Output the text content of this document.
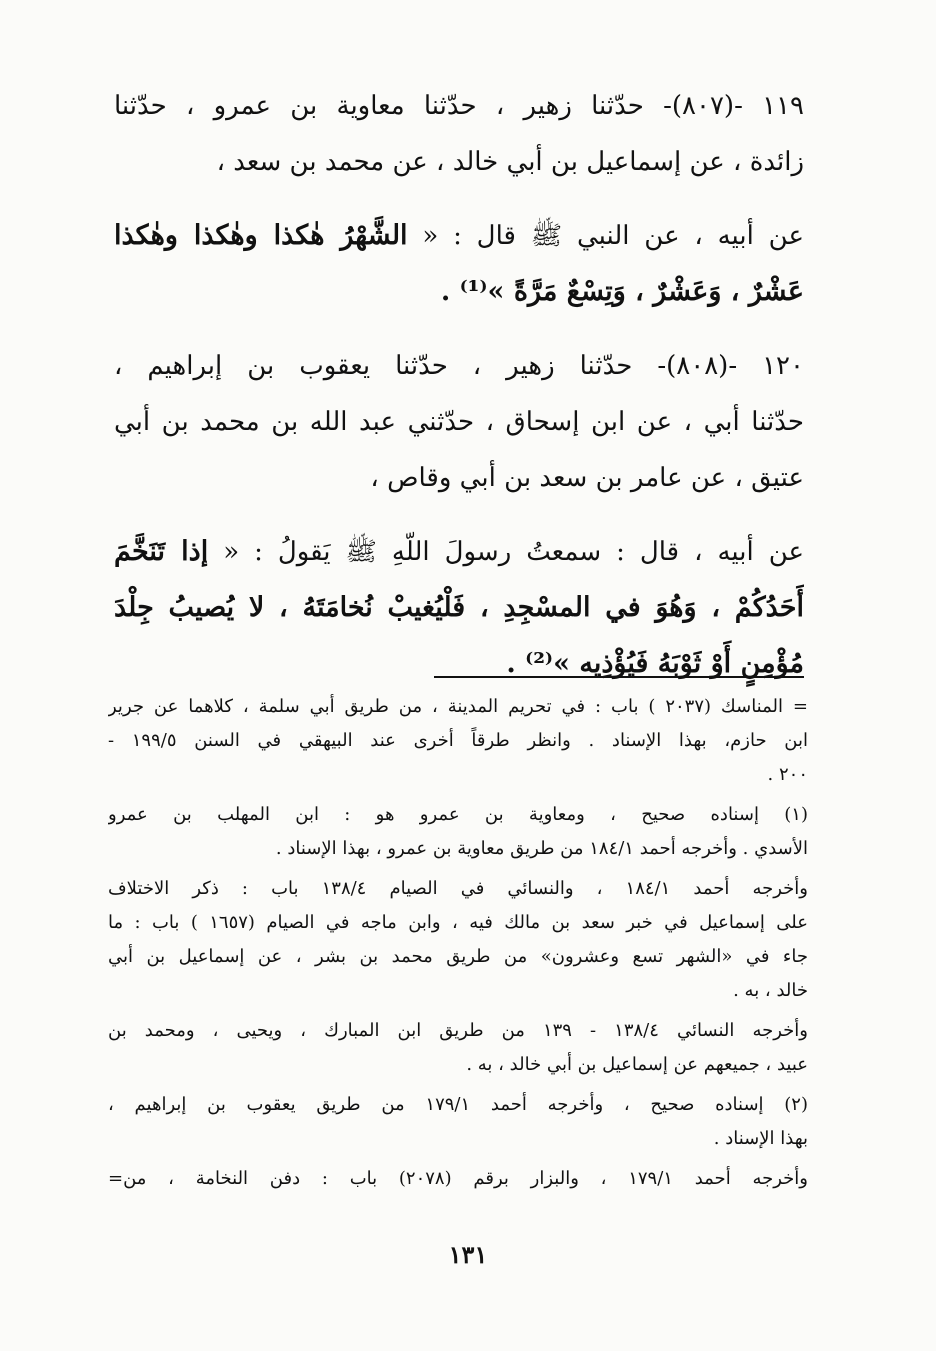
١١٩ -(٨٠٧)- حدّثنا زهير ، حدّثنا معاوية بن عمرو ، حدّثنا
زائدة ، عن إسماعيل بن أبي خالد ، عن محمد بن سعد ،
عن أبيه ، عن النبي ﷺ قال : « الشَّهْرُ هٰكذا وهٰكذا وهٰكذا
عَشْرٌ ، وَعَشْرٌ ، وَتِسْعٌ مَرَّةً »⁽¹⁾ .
١٢٠ -(٨٠٨)- حدّثنا زهير ، حدّثنا يعقوب بن إبراهيم ،
حدّثنا أبي ، عن ابن إسحاق ، حدّثني عبد الله بن محمد بن أبي
عتيق ، عن عامر بن سعد بن أبي وقاص ،
عن أبيه ، قال : سمعتُ رسولَ اللّهِ ﷺ يَقولُ : « إذا تَنَخَّمَ
أَحَدُكُمْ ، وَهُوَ في المسْجِدِ ، فَلْيُغيبْ نُخامَتَهُ ، لا يُصيبُ جِلْدَ
مُؤْمِنٍ أَوْ ثَوْبَهُ فَيُؤْذِيه »⁽²⁾ .
= المناسك (٢٠٣٧ ) باب : في تحريم المدينة ، من طريق أبي سلمة ، كلاهما عن جرير
ابن حازم، بهذا الإسناد . وانظر طرقاً أخرى عند البيهقي في السنن ١٩٩/٥ -
٢٠٠ .
(١) إسناده صحيح ، ومعاوية بن عمرو هو : ابن المهلب بن عمرو
الأسدي . وأخرجه أحمد ١٨٤/١ من طريق معاوية بن عمرو ، بهذا الإسناد .
وأخرجه أحمد ١٨٤/١ ، والنسائي في الصيام ١٣٨/٤ باب : ذكر الاختلاف
على إسماعيل في خبر سعد بن مالك فيه ، وابن ماجه في الصيام (١٦٥٧ ) باب : ما
جاء في «الشهر تسع وعشرون» من طريق محمد بن بشر ، عن إسماعيل بن أبي
خالد ، به .
وأخرجه النسائي ١٣٨/٤ - ١٣٩ من طريق ابن المبارك ، ويحيى ، ومحمد بن
عبيد ، جميعهم عن إسماعيل بن أبي خالد ، به .
(٢) إسناده صحيح ، وأخرجه أحمد ١٧٩/١ من طريق يعقوب بن إبراهيم ،
بهذا الإسناد .
وأخرجه أحمد ١٧٩/١ ، والبزار برقم (٢٠٧٨) باب : دفن النخامة ، من=
١٣١
